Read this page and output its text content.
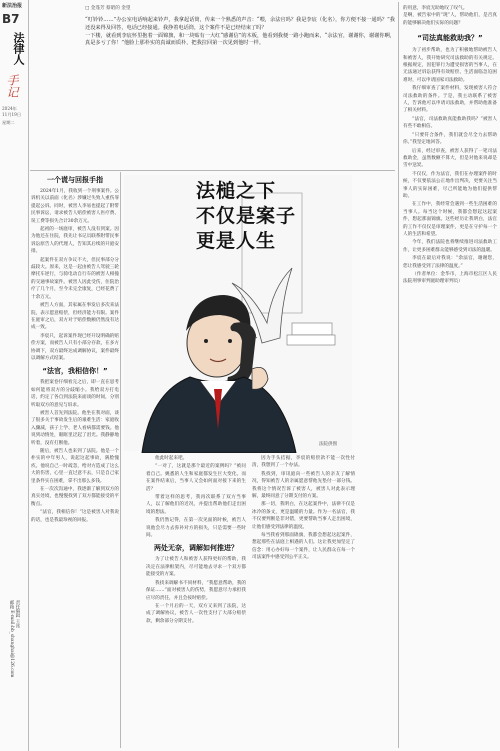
新法治报
B7
法律人
手记
2024年
11月19日
星期二
责任编辑 王冰
邮箱 E-mail:bb_shanghai@126.com
□ 金蓬芳 蔡昭的 金望
“叮铃铃……”办公室电话响起来铃声，我拿起话筒，传来一个熟悉的声音：“喂，余法官吗？我是李宸（化名），你方便不接一通吗？”我还没来得及回答，电话已经接通。我挣着电话筒，这个案件不是已经结束了吗？
一下楼，就看到李宸怀里抱着一面锦旗，和一块贴有一大红“感谢信”的木板，他看到我便一路小跑而来，“余法官，谢谢你，谢谢你啊，真是多亏了你！”他脸上那朴实的真诚而质朴，把我拉回第一次见到他时一样。
法槌之下
不仅是案子
更是人生
法院供图
一个谎与回报手指

2024年1月，我收到一个刑事案件。公诉机关以前面（化名）涉嫌过失致人重伤罪提起公诉。同时，被害人李易也提起了附带民事诉讼，请求被告人赔偿被害人医疗费、误工费等损失合计30余万元。

起初的一场庭审，被告人没有到案。因为他还在住院，我先让书记员联系附带民事诉讼原告人的代理人，告知其后续的开庭安排。

起案件在双方争议不大，但民事部分分歧较大。原来，这是一起由被告人驾驶三轮摩托车逆行，与骑电动自行车的被害人相撞的交通事故案件。被害人因此受伤，住院治疗了几个月，至今未完全康复，已经花费了十余万元。

被告人方面，其家属在事发后多次来法院，表示愿意赔偿，但经济能力有限。案件在庭审之后，双方对于赔偿数额仍然没有达成一致。

李宸只，起诉案件现已经开设明确的赔偿方案，而被告人只有小部分存款，在多方协调下，双方最终达成调解协议，案件最终以调解方式结案。

“法官，我相信你！”

我把案卷仔细看完之后，即一直在思考如何能将双方的分歧缩小。我给双方打电话，约定了各自到法院来面谈的时间，分别听取双方的意见与诉求。

被害人首先到法院。他坐在我对面，谈了很多关于事故发生后的艰难生活：家庭收入骤减，孩子上学、老人看病都需要钱。他说到动情处，眼眶里泛起了泪光。我静静地听着，没有打断他。

随后，被告人也来到了法院。他是一个朴实的中年男人，说起这起事故，满脸愧疚。他说自己一时疏忽，给对方造成了这么大的伤害，心里一直过意不去，只是自己家里条件实在困难，拿不出那么多钱。

在一次次沟通中，我逐渐了解到双方的真实处境，也慢慢找到了双方都能接受的平衡点。

“法官，我相信你！”这是被害人对我说的话，也是我最珍视的回报。

他此时起来吧。

“一对了，这就是那个最近的案例吗？”被问着自己。姚悉的人生和家庭都发生巨大变化。而在案件结束后，当事人又会如何面对接下来的生活？

带着这样的思考，我再次联系了双方当事人，以了解他们的近况，并提出帮助他们走出困境的想法。

我仍然记得，在第一次见面的时候，被告人说他会尽力去弥补对方的损失，只是需要一些时间。

两处无奈，调解如何推进？

为了让被告人和被害人获得更好的帮助，我决定在法律框架内，尽可能地去寻求一个双方都能接受的方案。

我找来调解书不同材料，“我愿意帮助，我的保证……”面对被害人的伤势，我愿意尽力承担我应尽的责任，并且会按时赔偿。

在一个月后的一天，双方又来到了法院，达成了调解协议，被告人一次性支付了大部分赔偿款，剩余部分分期支付。

因为手头拮据，李宸的赔偿款不能一次性付清，我想到了一个办法。

我找到，审讯庭向一些被告人的亲友了解情况，得知被告人的亲属愿意帮他先垫付一部分钱。我将这个情况告诉了被害人，被害人对此表示理解，最终同意了分期支付的方案。

那一切，我明白，在这起案件中，法律不仅是冰冷的条文，更是温暖的力量。作为一名法官，我不仅要判断是非对错，更要帮助当事人走出困境，让他们感受到法律的温度。

每当我看到那面锦旗，我都会想起这起案件，想起那些在法庭上相遇的人们。这让我更加坚定了信念：用心办好每一个案件，让人民群众在每一个司法案件中感受到公平正义。

的用意，李宸无助地叹了叹气。
是啊，被告家中的“现”人，帮助他们，是否真的能够解决他们实际的问题？
“司法真能救助我？”

为了初步帮助，也为了积极地帮助被告人和被害人，我开始研究司法救助的有关规定。根据规定，因犯罪行为遭受损害的当事人，在无法通过诉讼获得有效赔偿、生活面临急迫困难时，可以申请国家司法救助。

我仔细审查了案件材料，发现被害人符合司法救助的条件。于是，我主动联系了被害人，告诉他可以申请司法救助，并帮助他准备了相关材料。

“法官，司法救助真能救助我吗？”被害人有些不敢相信。

“只要符合条件，我们就会尽全力去帮助你。”我坚定地回答。

后来，经过审查，被害人获得了一笔司法救助金，虽然数额不算大，但是对他来说却是雪中送炭。

不仅仅，作为法官，我们在办理案件的时候，不仅要依法公正地作出判决，更要关注当事人的实际困难，尽己所能地为他们提供帮助。

在工作中，我经常会遇到一些生活困难的当事人。每当这个时候，我都会想起这起案件，想起那面锦旗。这些经历让我明白，法官的工作不仅仅是审理案件，更是在守护每一个人的生活和希望。

今年，我们法院也将继续推进司法救助工作，让更多困难群众能够感受到司法的温暖。

李宸在最后对我说：“余法官，谢谢您，您让我感受到了法律的温度。”

（作者单位：金华市，上海市松江区人民法院刑事审判庭助理审判员）
